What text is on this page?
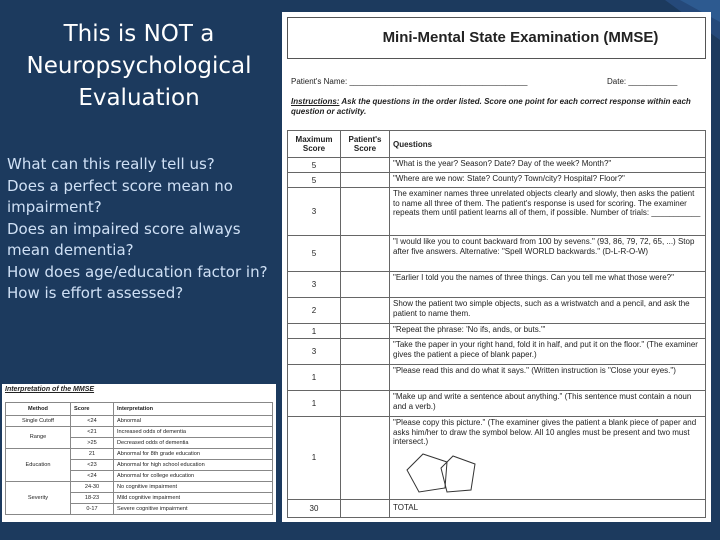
This is NOT a Neuropsychological Evaluation
What can this really tell us?
Does a perfect score mean no impairment?
Does an impaired score always mean dementia?
How does age/education factor in?
How is effort assessed?
Mini-Mental State Examination (MMSE)
Patient's Name: ________________________________________	Date: ___________
Instructions: Ask the questions in the order listed. Score one point for each correct response within each question or activity.
Maximum Score	Patient's Score	Questions
5		"What is the year? Season? Date? Day of the week? Month?"
5		"Where are we now: State? County? Town/city? Hospital? Floor?"
3		The examiner names three unrelated objects clearly and slowly, then asks the patient to name all three of them. The patient's response is used for scoring. The examiner repeats them until patient learns all of them, if possible. Number of trials: ___________
5		"I would like you to count backward from 100 by sevens." (93, 86, 79, 72, 65, ...) Stop after five answers. Alternative: "Spell WORLD backwards." (D-L-R-O-W)
3		"Earlier I told you the names of three things. Can you tell me what those were?"
2		Show the patient two simple objects, such as a wristwatch and a pencil, and ask the patient to name them.
1		"Repeat the phrase: 'No ifs, ands, or buts.'"
3		"Take the paper in your right hand, fold it in half, and put it on the floor." (The examiner gives the patient a piece of blank paper.)
1		"Please read this and do what it says." (Written instruction is "Close your eyes.")
1		"Make up and write a sentence about anything." (This sentence must contain a noun and a verb.)
1		"Please copy this picture." (The examiner gives the patient a blank piece of paper and asks him/her to draw the symbol below. All 10 angles must be present and two must intersect.)

30		TOTAL
Interpretation of the MMSE
Method	Score	Interpretation
Single Cutoff	<24	Abnormal
Range	<21	Increased odds of dementia
	>25	Decreased odds of dementia
Education	21	Abnormal for 8th grade education
	<23	Abnormal for high school education
	<24	Abnormal for college education
Severity	24-30	No cognitive impairment
	18-23	Mild cognitive impairment
	0-17	Severe cognitive impairment
